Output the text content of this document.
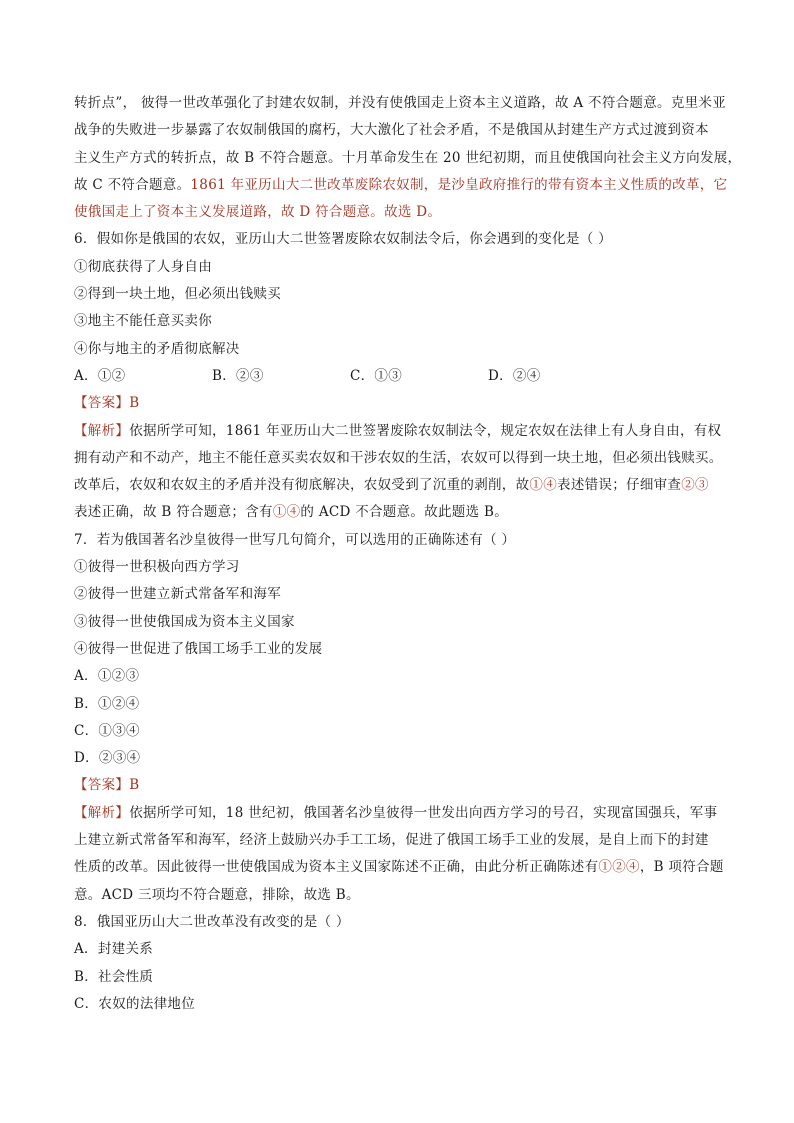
转折点”， 彼得一世改革强化了封建农奴制，并没有使俄国走上资本主义道路，故 A 不符合题意。克里米亚
战争的失败进一步暴露了农奴制俄国的腐朽，大大激化了社会矛盾，不是俄国从封建生产方式过渡到资本
主义生产方式的转折点，故 B 不符合题意。十月革命发生在 20 世纪初期，而且使俄国向社会主义方向发展，
故 C 不符合题意。1861 年亚历山大二世改革废除农奴制，是沙皇政府推行的带有资本主义性质的改革，它
使俄国走上了资本主义发展道路，故 D 符合题意。故选 D。
6．假如你是俄国的农奴，亚历山大二世签署废除农奴制法令后，你会遇到的变化是（ ）
①彻底获得了人身自由
②得到一块土地，但必须出钱赎买
③地主不能任意买卖你
④你与地主的矛盾彻底解决
A．①②	B．②③	C．①③	D．②④
【答案】B
【解析】依据所学可知，1861 年亚历山大二世签署废除农奴制法令，规定农奴在法律上有人身自由，有权
拥有动产和不动产，地主不能任意买卖农奴和干涉农奴的生活，农奴可以得到一块土地，但必须出钱赎买。
改革后，农奴和农奴主的矛盾并没有彻底解决，农奴受到了沉重的剥削，故①④表述错误；仔细审查②③
表述正确，故 B 符合题意；含有①④的 ACD 不合题意。故此题选 B。
7．若为俄国著名沙皇彼得一世写几句简介，可以选用的正确陈述有（ ）
①彼得一世积极向西方学习
②彼得一世建立新式常备军和海军
③彼得一世使俄国成为资本主义国家
④彼得一世促进了俄国工场手工业的发展
A．①②③
B．①②④
C．①③④
D．②③④
【答案】B
【解析】依据所学可知，18 世纪初，俄国著名沙皇彼得一世发出向西方学习的号召，实现富国强兵，军事
上建立新式常备军和海军，经济上鼓励兴办手工工场，促进了俄国工场手工业的发展，是自上而下的封建
性质的改革。因此彼得一世使俄国成为资本主义国家陈述不正确，由此分析正确陈述有①②④，B 项符合题
意。ACD 三项均不符合题意，排除，故选 B。
8．俄国亚历山大二世改革没有改变的是（ ）
A．封建关系
B．社会性质
C．农奴的法律地位
